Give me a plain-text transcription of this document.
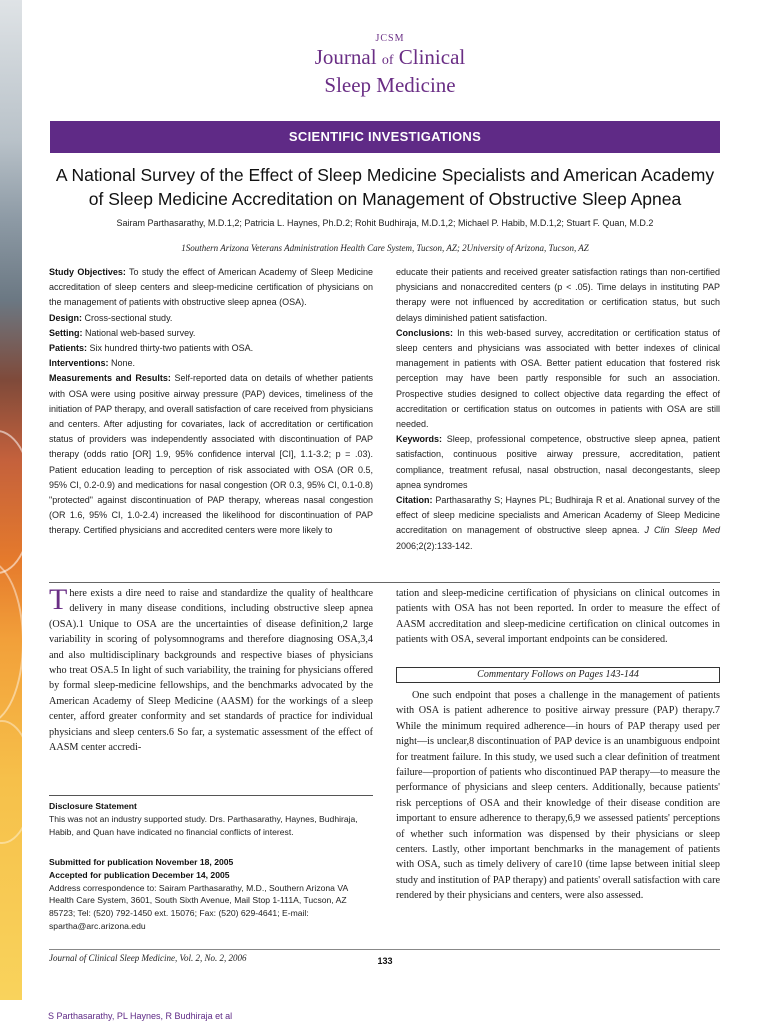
JCSM
Journal of Clinical
Sleep Medicine
SCIENTIFIC INVESTIGATIONS
A National Survey of the Effect of Sleep Medicine Specialists and American Academy
of Sleep Medicine Accreditation on Management of Obstructive Sleep Apnea
Sairam Parthasarathy, M.D.1,2; Patricia L. Haynes, Ph.D.2; Rohit Budhiraja, M.D.1,2; Michael P. Habib, M.D.1,2; Stuart F. Quan, M.D.2
1Southern Arizona Veterans Administration Health Care System, Tucson, AZ; 2University of Arizona, Tucson, AZ

Study Objectives: To study the effect of American Academy of Sleep Medicine accreditation of sleep centers and sleep-medicine certification of physicians on the management of patients with obstructive sleep apnea (OSA).

Design: Cross-sectional study.

Setting: National web-based survey.

Patients: Six hundred thirty-two patients with OSA.

Interventions: None.

Measurements and Results: Self-reported data on details of whether patients with OSA were using positive airway pressure (PAP) devices, timeliness of the initiation of PAP therapy, and overall satisfaction of care received from physicians and centers. After adjusting for covariates, lack of accreditation or certification status of providers was independently associated with discontinuation of PAP therapy (odds ratio [OR] 1.9, 95% confidence interval [CI], 1.1-3.2; p = .03). Patient education leading to perception of risk associated with OSA (OR 0.5, 95% CI, 0.2-0.9) and medications for nasal congestion (OR 0.3, 95% CI, 0.1-0.8) "protected" against discontinuation of PAP therapy, whereas nasal congestion (OR 1.6, 95% CI, 1.0-2.4) increased the likelihood for discontinuation of PAP therapy. Certified physicians and accredited centers were more likely to

educate their patients and received greater satisfaction ratings than non-certified physicians and nonaccredited centers (p < .05). Time delays in instituting PAP therapy were not influenced by accreditation or certification status, but such delays diminished patient satisfaction.

Conclusions: In this web-based survey, accreditation or certification status of sleep centers and physicians was associated with better indexes of clinical management in patients with OSA. Better patient education that fostered risk perception may have been partly responsible for such an association. Prospective studies designed to collect objective data regarding the effect of accreditation or certification status on outcomes in patients with OSA are still needed.

Keywords: Sleep, professional competence, obstructive sleep apnea, patient satisfaction, continuous positive airway pressure, accreditation, patient compliance, treatment refusal, nasal obstruction, nasal decongestants, sleep apnea syndromes

Citation: Parthasarathy S; Haynes PL; Budhiraja R et al. Anational survey of the effect of sleep medicine specialists and American Academy of Sleep Medicine accreditation on management of obstructive sleep apnea. J Clin Sleep Med 2006;2(2):133-142.

There exists a dire need to raise and standardize the quality of healthcare delivery in many disease conditions, including obstructive sleep apnea (OSA).1 Unique to OSA are the uncertainties of disease definition,2 large variability in scoring of polysomnograms and therefore diagnosing OSA,3,4 and also multidisciplinary backgrounds and respective biases of physicians who treat OSA.5 In light of such variability, the training for physicians offered by formal sleep-medicine fellowships, and the benchmarks advocated by the American Academy of Sleep Medicine (AASM) for the workings of a sleep center, afford greater conformity and set standards of practice for individual physicians and sleep centers.6 So far, a systematic assessment of the effect of AASM center accredi-

tation and sleep-medicine certification of physicians on clinical outcomes in patients with OSA has not been reported. In order to measure the effect of AASM accreditation and sleep-medicine certification on clinical outcomes in patients with OSA, several important endpoints can be considered.

Commentary Follows on Pages 143-144

One such endpoint that poses a challenge in the management of patients with OSA is patient adherence to positive airway pressure (PAP) therapy.7 While the minimum required adherence—in hours of PAP therapy used per night—is unclear,8 discontinuation of PAP device is an unambiguous endpoint for treatment failure. In this study, we used such a clear definition of treatment failure—proportion of patients who discontinued PAP therapy—to measure the performance of physicians and sleep centers. Additionally, because patients' risk perceptions of OSA and their knowledge of their disease condition are important to ensure adherence to therapy,6,9 we assessed patients' perceptions of whether such information was dispensed by their physicians or sleep centers. Lastly, other important benchmarks in the management of patients with OSA, such as timely delivery of care10 (time lapse between initial sleep study and institution of PAP therapy) and patients' overall satisfaction with care rendered by their physicians and centers, were also assessed.

Disclosure Statement
This was not an industry supported study. Drs. Parthasarathy, Haynes, Budhiraja, Habib, and Quan have indicated no financial conflicts of interest.
Submitted for publication November 18, 2005
Accepted for publication December 14, 2005
Address correspondence to: Sairam Parthasarathy, M.D., Southern Arizona VA Health Care System, 3601, South Sixth Avenue, Mail Stop 1-111A, Tucson, AZ 85723; Tel: (520) 792-1450 ext. 15076; Fax: (520) 629-4641; E-mail: spartha@arc.arizona.edu
Journal of Clinical Sleep Medicine, Vol. 2, No. 2, 2006	133
S Parthasarathy, PL Haynes, R Budhiraja et al
